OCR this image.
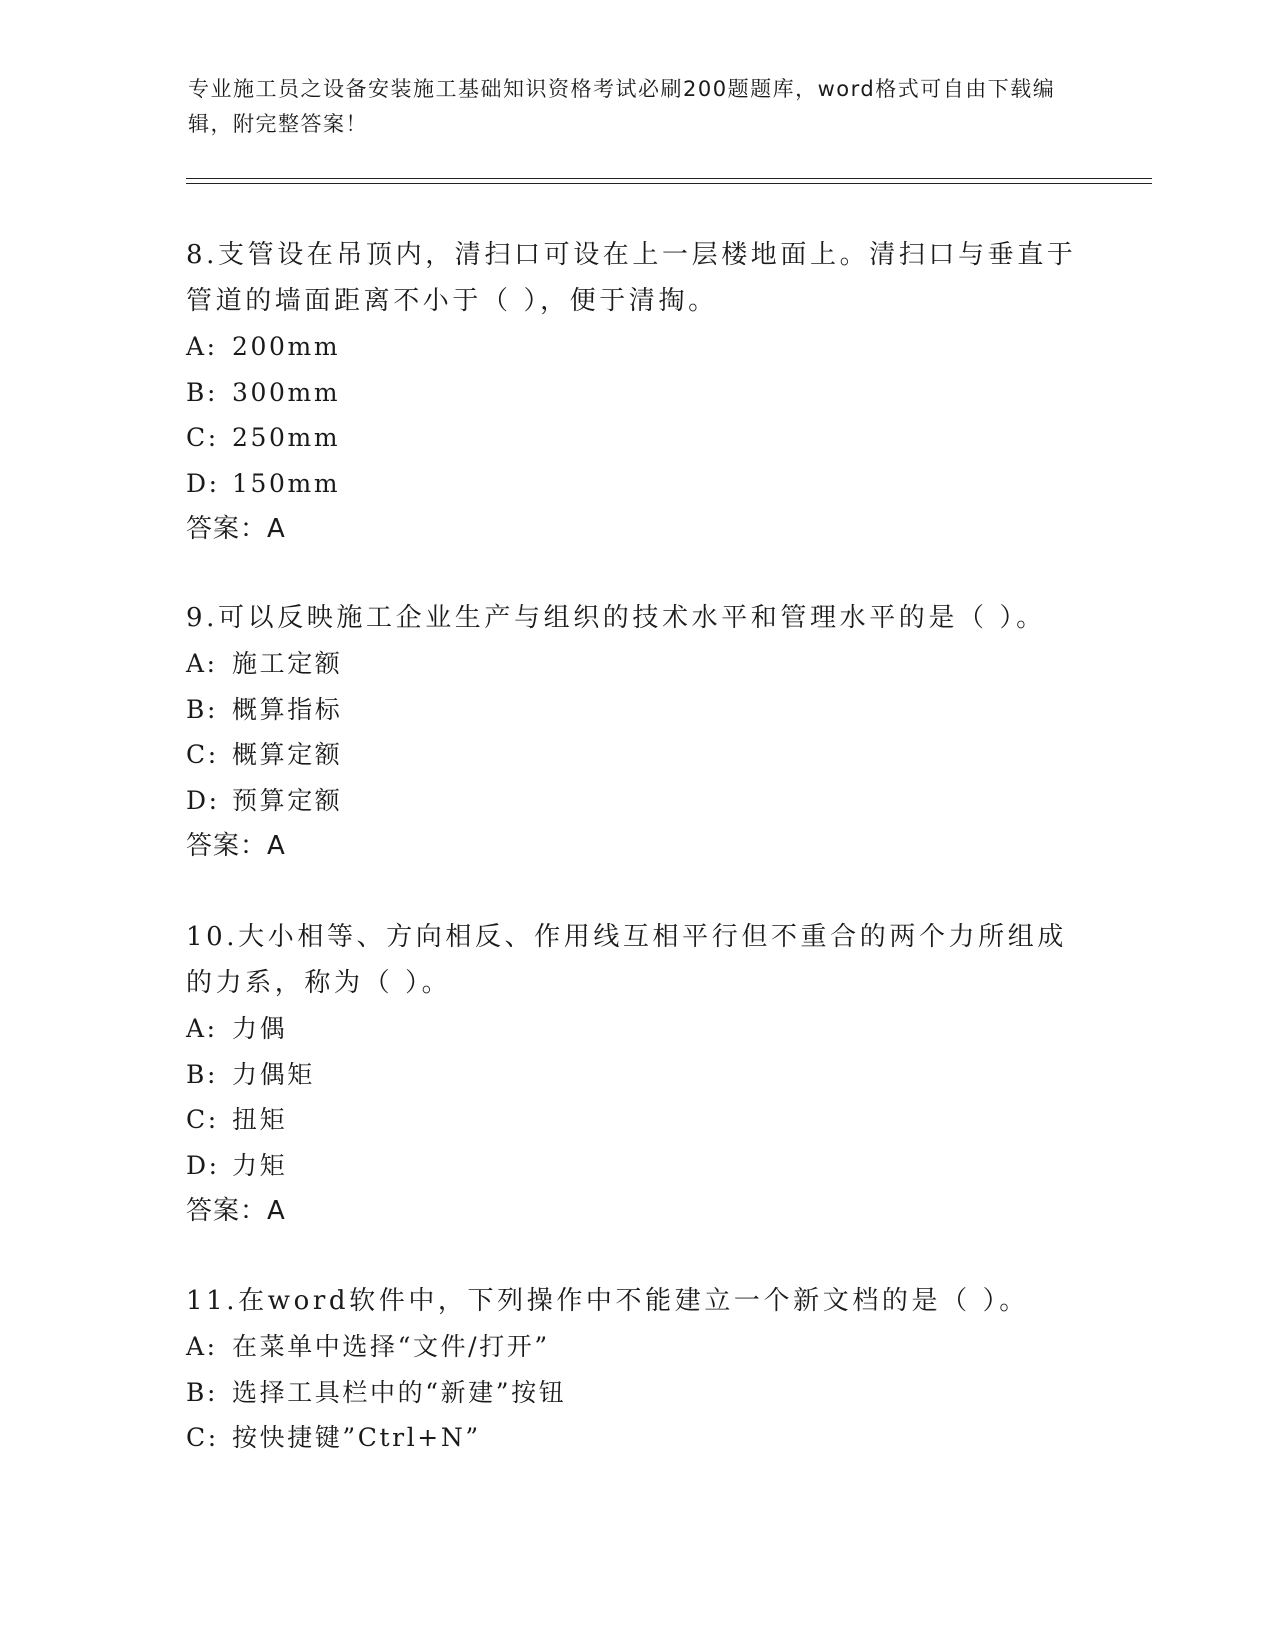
专业施工员之设备安装施工基础知识资格考试必刷200题题库，word格式可自由下载编辑，附完整答案！

8.支管设在吊顶内，清扫口可设在上一层楼地面上。清扫口与垂直于管道的墙面距离不小于（ ），便于清掏。

A: 200mm

B: 300mm

C: 250mm

D: 150mm

答案：A

9.可以反映施工企业生产与组织的技术水平和管理水平的是（ ）。

A: 施工定额

B: 概算指标

C: 概算定额

D: 预算定额

答案：A

10.大小相等、方向相反、作用线互相平行但不重合的两个力所组成的力系，称为（ ）。

A: 力偶

B: 力偶矩

C: 扭矩

D: 力矩

答案：A

11.在word软件中，下列操作中不能建立一个新文档的是（ ）。

A: 在菜单中选择“文件/打开”

B: 选择工具栏中的“新建”按钮

C: 按快捷键”Ctrl+N”
